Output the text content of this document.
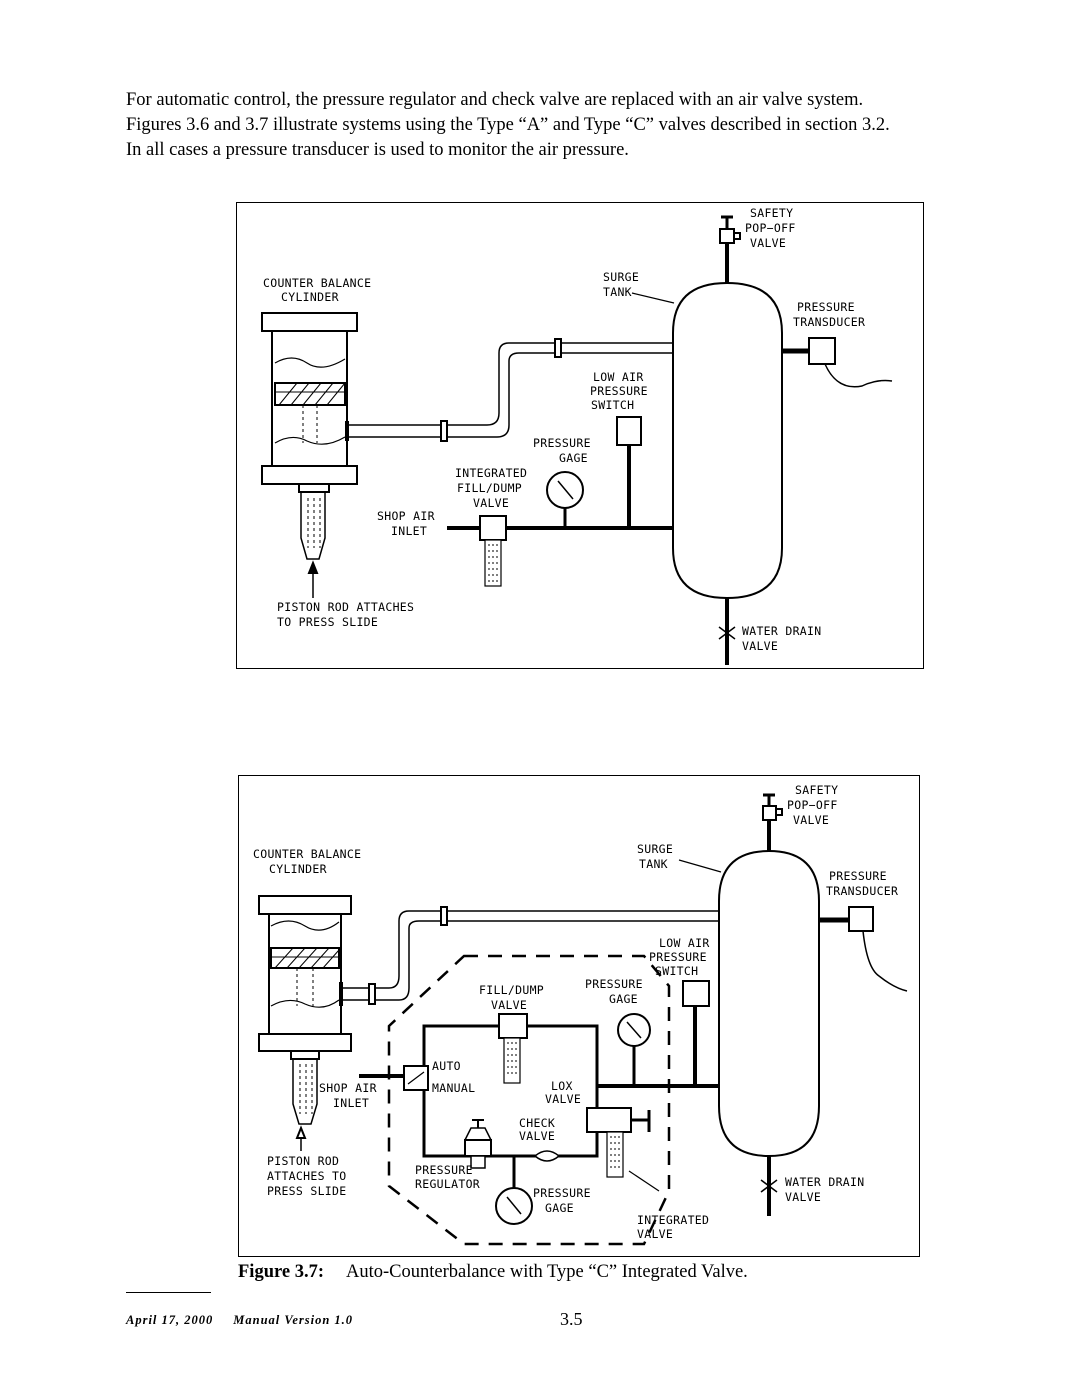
For automatic control, the pressure regulator and check valve are replaced with an air valve system.
Figures 3.6 and 3.7 illustrate systems using the Type “A” and Type “C” valves described in section 3.2.
In all cases a pressure transducer is used to monitor the air pressure.

SAFETY
POP−OFF
VALVE
COUNTER BALANCE
CYLINDER
SURGE
TANK
PRESSURE
TRANSDUCER
LOW AIR
PRESSURE
SWITCH
PRESSURE
GAGE
INTEGRATED
FILL/DUMP
VALVE
SHOP AIR
INLET
PISTON ROD ATTACHES
TO PRESS SLIDE
WATER DRAIN
VALVE
SAFETY
POP−OFF
VALVE
COUNTER BALANCE
CYLINDER
SURGE
TANK
PRESSURE
TRANSDUCER
LOW AIR
PRESSURE
SWITCH
FILL/DUMP
VALVE
PRESSURE
GAGE
AUTO
MANUAL
SHOP AIR
INLET
LOX
VALVE
CHECK
VALVE
PRESSURE
REGULATOR
PRESSURE
GAGE
PISTON ROD
ATTACHES TO
PRESS SLIDE
INTEGRATED
VALVE
WATER DRAIN
VALVE
Figure 3.7: Auto-Counterbalance with Type “C” Integrated Valve.
April 17, 2000 Manual Version 1.0	3.5
